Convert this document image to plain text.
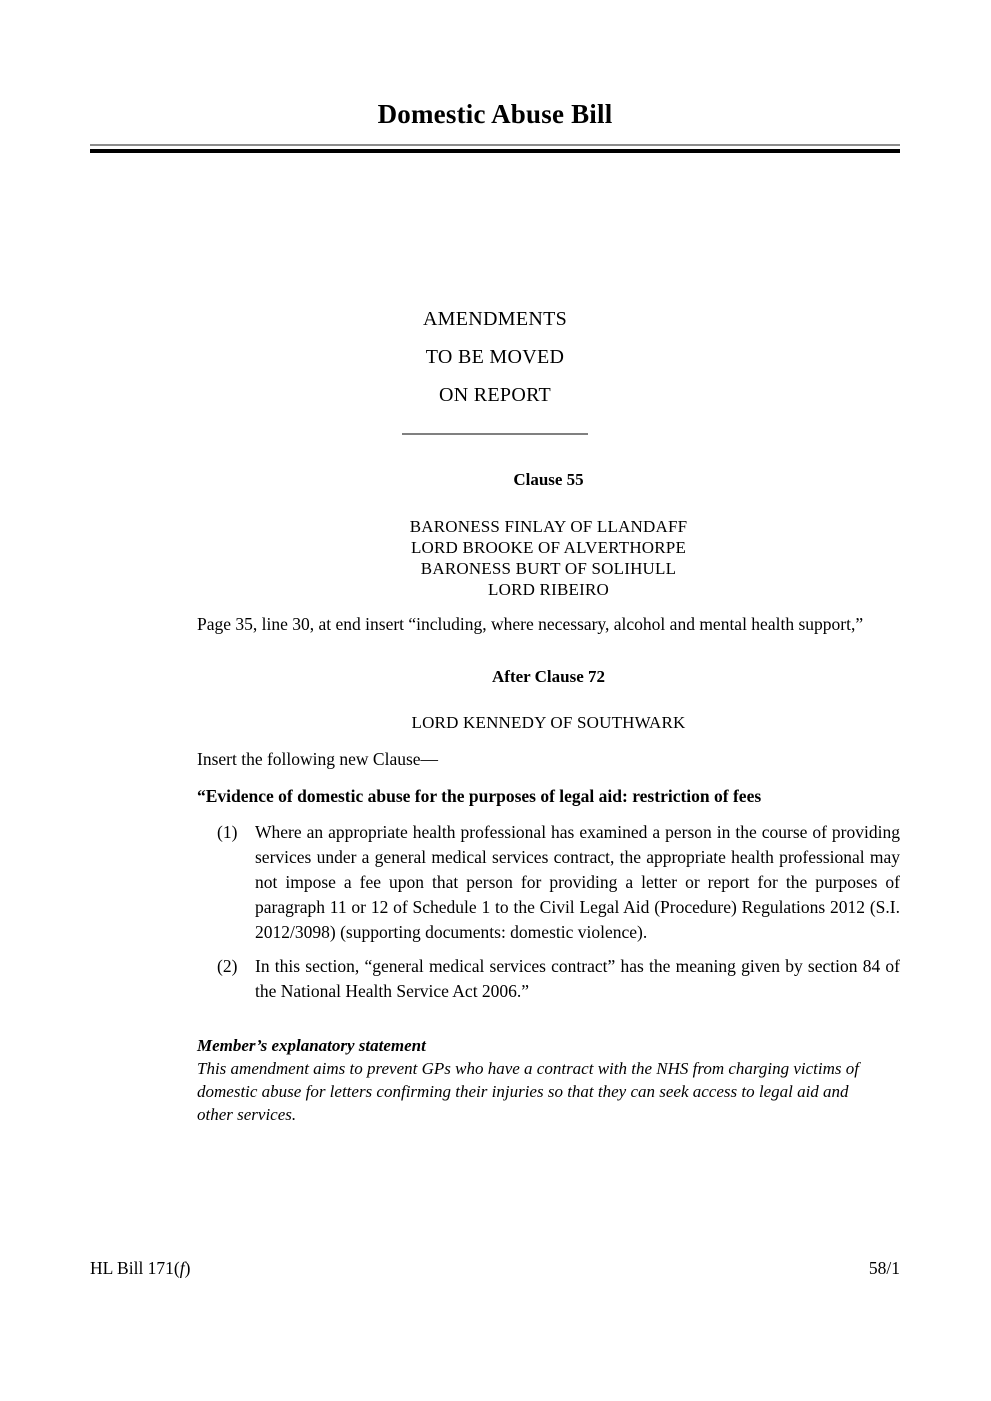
Domestic Abuse Bill
AMENDMENTS
TO BE MOVED
ON REPORT
Clause 55
BARONESS FINLAY OF LLANDAFF
LORD BROOKE OF ALVERTHORPE
BARONESS BURT OF SOLIHULL
LORD RIBEIRO

Page 35, line 30, at end insert “including, where necessary, alcohol and mental health support,”

After Clause 72
LORD KENNEDY OF SOUTHWARK

Insert the following new Clause—

“Evidence of domestic abuse for the purposes of legal aid: restriction of fees

(1)	Where an appropriate health professional has examined a person in the course of providing services under a general medical services contract, the appropriate health professional may not impose a fee upon that person for providing a letter or report for the purposes of paragraph 11 or 12 of Schedule 1 to the Civil Legal Aid (Procedure) Regulations 2012 (S.I. 2012/3098) (supporting documents: domestic violence).
(2)	In this section, “general medical services contract” has the meaning given by section 84 of the National Health Service Act 2006.”

Member’s explanatory statement

This amendment aims to prevent GPs who have a contract with the NHS from charging victims of domestic abuse for letters confirming their injuries so that they can seek access to legal aid and other services.

HL Bill 171(f)	58/1
